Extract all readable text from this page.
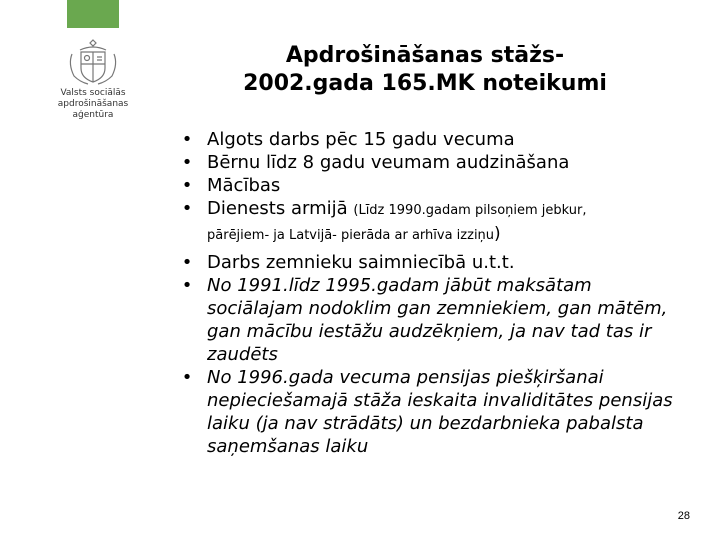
Valsts sociālās
apdrošināšanas
aģentūra
Apdrošināšanas stāžs-
2002.gada 165.MK noteikumi
• Algots darbs pēc 15 gadu vecuma
• Bērnu līdz 8 gadu veumam audzināšana
• Mācības
• Dienests armijā (Līdz 1990.gadam pilsoņiem jebkur,
pārējiem- ja Latvijā- pierāda ar arhīva izziņu)
• Darbs zemnieku saimniecībā u.t.t.
• No 1991.līdz 1995.gadam jābūt maksātam sociālajam nodoklim gan zemniekiem, gan mātēm, gan mācību iestāžu audzēkņiem, ja nav tad tas ir zaudēts
• No 1996.gada vecuma pensijas piešķiršanai nepieciešamajā stāža ieskaita invaliditātes pensijas laiku (ja nav strādāts) un bezdarbnieka pabalsta saņemšanas laiku
28
